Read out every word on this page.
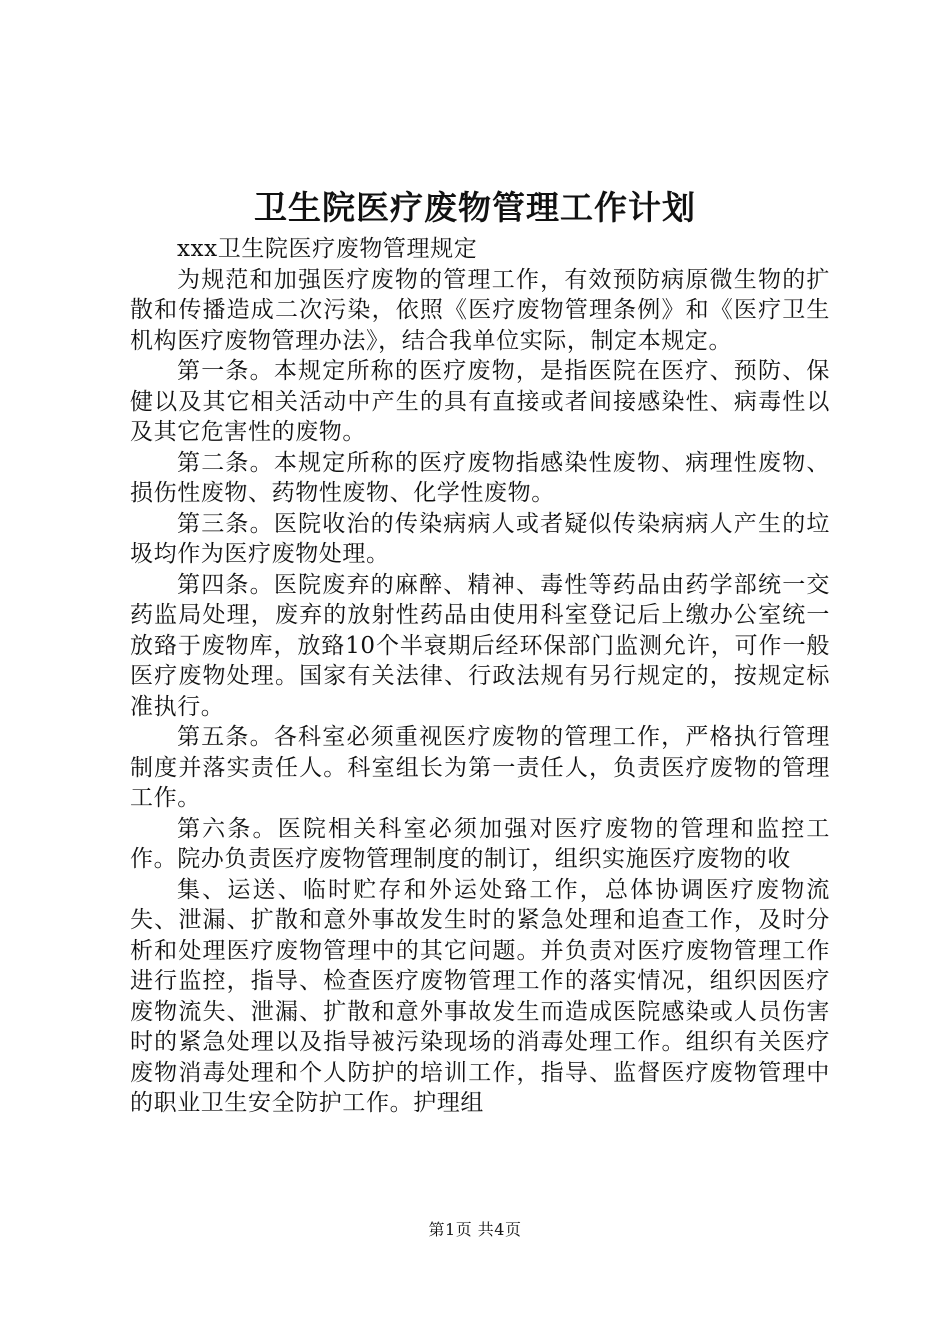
卫生院医疗废物管理工作计划

xxx卫生院医疗废物管理规定

为规范和加强医疗废物的管理工作，有效预防病原微生物的扩散和传播造成二次污染，依照《医疗废物管理条例》和《医疗卫生机构医疗废物管理办法》，结合我单位实际，制定本规定。

第一条。本规定所称的医疗废物，是指医院在医疗、预防、保健以及其它相关活动中产生的具有直接或者间接感染性、病毒性以及其它危害性的废物。

第二条。本规定所称的医疗废物指感染性废物、病理性废物、损伤性废物、药物性废物、化学性废物。

第三条。医院收治的传染病病人或者疑似传染病病人产生的垃圾均作为医疗废物处理。

第四条。医院废弃的麻醉、精神、毒性等药品由药学部统一交药监局处理，废弃的放射性药品由使用科室登记后上缴办公室统一放臵于废物库，放臵10个半衰期后经环保部门监测允许，可作一般医疗废物处理。国家有关法律、行政法规有另行规定的，按规定标准执行。

第五条。各科室必须重视医疗废物的管理工作，严格执行管理制度并落实责任人。科室组长为第一责任人，负责医疗废物的管理工作。

第六条。医院相关科室必须加强对医疗废物的管理和监控工作。院办负责医疗废物管理制度的制订，组织实施医疗废物的收

集、运送、临时贮存和外运处臵工作，总体协调医疗废物流失、泄漏、扩散和意外事故发生时的紧急处理和追查工作，及时分析和处理医疗废物管理中的其它问题。并负责对医疗废物管理工作进行监控，指导、检查医疗废物管理工作的落实情况，组织因医疗废物流失、泄漏、扩散和意外事故发生而造成医院感染或人员伤害时的紧急处理以及指导被污染现场的消毒处理工作。组织有关医疗废物消毒处理和个人防护的培训工作，指导、监督医疗废物管理中的职业卫生安全防护工作。护理组

第1页 共4页
